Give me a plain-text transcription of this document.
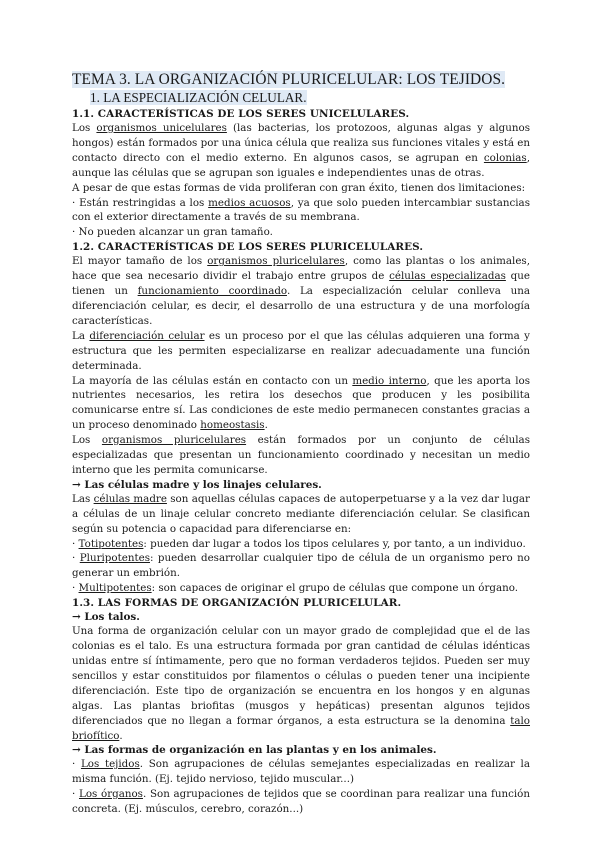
TEMA 3. LA ORGANIZACIÓN PLURICELULAR: LOS TEJIDOS.
1. LA ESPECIALIZACIÓN CELULAR.
1.1. CARACTERÍSTICAS DE LOS SERES UNICELULARES.

Los organismos unicelulares (las bacterias, los protozoos, algunas algas y algunos hongos) están formados por una única célula que realiza sus funciones vitales y está en contacto directo con el medio externo. En algunos casos, se agrupan en colonias, aunque las células que se agrupan son iguales e independientes unas de otras.

A pesar de que estas formas de vida proliferan con gran éxito, tienen dos limitaciones:

· Están restringidas a los medios acuosos, ya que solo pueden intercambiar sustancias con el exterior directamente a través de su membrana.

· No pueden alcanzar un gran tamaño.

1.2. CARACTERÍSTICAS DE LOS SERES PLURICELULARES.

El mayor tamaño de los organismos pluricelulares, como las plantas o los animales, hace que sea necesario dividir el trabajo entre grupos de células especializadas que tienen un funcionamiento coordinado. La especialización celular conlleva una diferenciación celular, es decir, el desarrollo de una estructura y de una morfología características.

La diferenciación celular es un proceso por el que las células adquieren una forma y estructura que les permiten especializarse en realizar adecuadamente una función determinada.

La mayoría de las células están en contacto con un medio interno, que les aporta los nutrientes necesarios, les retira los desechos que producen y les posibilita comunicarse entre sí. Las condiciones de este medio permanecen constantes gracias a un proceso denominado homeostasis.

Los organismos pluricelulares están formados por un conjunto de células especializadas que presentan un funcionamiento coordinado y necesitan un medio interno que les permita comunicarse.

→ Las células madre y los linajes celulares.

Las células madre son aquellas células capaces de autoperpetuarse y a la vez dar lugar a células de un linaje celular concreto mediante diferenciación celular. Se clasifican según su potencia o capacidad para diferenciarse en:

· Totipotentes: pueden dar lugar a todos los tipos celulares y, por tanto, a un individuo.

· Pluripotentes: pueden desarrollar cualquier tipo de célula de un organismo pero no generar un embrión.

· Multipotentes: son capaces de originar el grupo de células que compone un órgano.

1.3. LAS FORMAS DE ORGANIZACIÓN PLURICELULAR.
→ Los talos.

Una forma de organización celular con un mayor grado de complejidad que el de las colonias es el talo. Es una estructura formada por gran cantidad de células idénticas unidas entre sí íntimamente, pero que no forman verdaderos tejidos. Pueden ser muy sencillos y estar constituidos por filamentos o células o pueden tener una incipiente diferenciación. Este tipo de organización se encuentra en los hongos y en algunas algas. Las plantas briofitas (musgos y hepáticas) presentan algunos tejidos diferenciados que no llegan a formar órganos, a esta estructura se la denomina talo briofítico.

→ Las formas de organización en las plantas y en los animales.

· Los tejidos. Son agrupaciones de células semejantes especializadas en realizar la misma función. (Ej. tejido nervioso, tejido muscular...)

· Los órganos. Son agrupaciones de tejidos que se coordinan para realizar una función concreta. (Ej. músculos, cerebro, corazón...)
